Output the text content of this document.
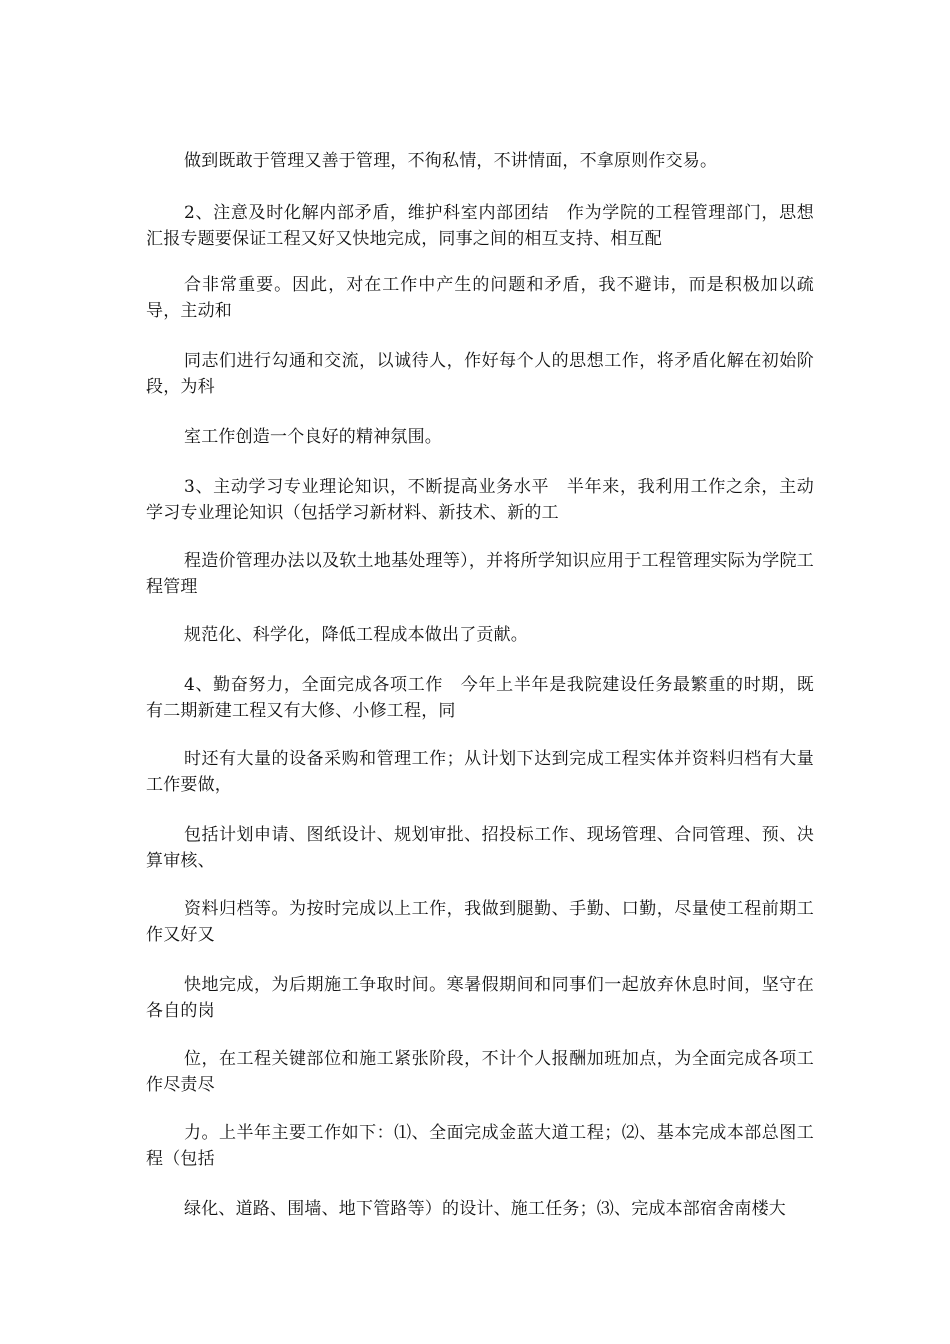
做到既敢于管理又善于管理，不徇私情，不讲情面，不拿原则作交易。

2、注意及时化解内部矛盾，维护科室内部团结　作为学院的工程管理部门，思想汇报专题要保证工程又好又快地完成，同事之间的相互支持、相互配

合非常重要。因此，对在工作中产生的问题和矛盾，我不避讳，而是积极加以疏导，主动和

同志们进行勾通和交流，以诚待人，作好每个人的思想工作，将矛盾化解在初始阶段，为科

室工作创造一个良好的精神氛围。

3、主动学习专业理论知识，不断提高业务水平　半年来，我利用工作之余，主动学习专业理论知识（包括学习新材料、新技术、新的工

程造价管理办法以及软土地基处理等），并将所学知识应用于工程管理实际为学院工程管理

规范化、科学化，降低工程成本做出了贡献。

4、勤奋努力，全面完成各项工作　今年上半年是我院建设任务最繁重的时期，既有二期新建工程又有大修、小修工程，同

时还有大量的设备采购和管理工作；从计划下达到完成工程实体并资料归档有大量工作要做，

包括计划申请、图纸设计、规划审批、招投标工作、现场管理、合同管理、预、决算审核、

资料归档等。为按时完成以上工作，我做到腿勤、手勤、口勤，尽量使工程前期工作又好又

快地完成，为后期施工争取时间。寒暑假期间和同事们一起放弃休息时间，坚守在各自的岗

位，在工程关键部位和施工紧张阶段，不计个人报酬加班加点，为全面完成各项工作尽责尽

力。上半年主要工作如下：⑴、全面完成金蓝大道工程；⑵、基本完成本部总图工程（包括

绿化、道路、围墙、地下管路等）的设计、施工任务；⑶、完成本部宿舍南楼大
